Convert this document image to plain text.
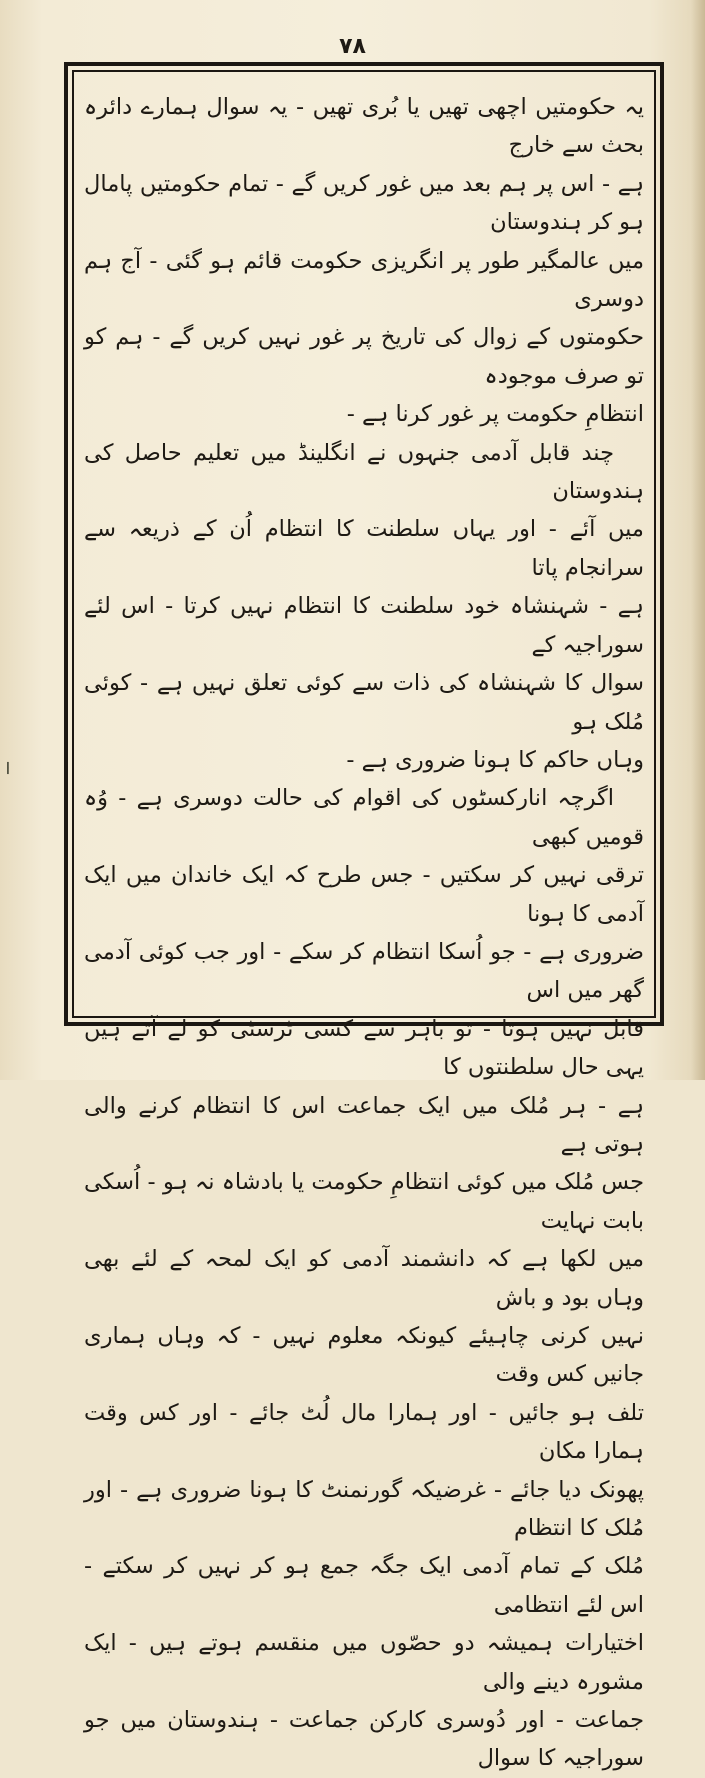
۷۸
ــ
یہ حکومتیں اچھی تھیں یا بُری تھیں - یہ سوال ہمارے دائرہ بحث سے خارج
ہے - اس پر ہم بعد میں غور کریں گے - تمام حکومتیں پامال ہو کر ہندوستان
میں عالمگیر طور پر انگریزی حکومت قائم ہو گئی - آج ہم دوسری
حکومتوں کے زوال کی تاریخ پر غور نہیں کریں گے - ہم کو تو صرف موجودہ
انتظامِ حکومت پر غور کرنا ہے -
چند قابل آدمی جنہوں نے انگلینڈ میں تعلیم حاصل کی ہندوستان
میں آئے - اور یہاں سلطنت کا انتظام اُن کے ذریعہ سے سرانجام پاتا
ہے - شہنشاہ خود سلطنت کا انتظام نہیں کرتا - اس لئے سوراجیہ کے
سوال کا شہنشاہ کی ذات سے کوئی تعلق نہیں ہے - کوئی مُلک ہو
وہاں حاکم کا ہونا ضروری ہے -
اگرچہ انارکسٹوں کی اقوام کی حالت دوسری ہے - وُہ قومیں کبھی
ترقی نہیں کر سکتیں - جس طرح کہ ایک خاندان میں ایک آدمی کا ہونا
ضروری ہے - جو اُسکا انتظام کر سکے - اور جب کوئی آدمی گھر میں اس
قابل نہیں ہوتا - تو باہر سے کسی ٹرسٹی کو لے آتے ہیں یہی حال سلطنتوں کا
ہے - ہر مُلک میں ایک جماعت اس کا انتظام کرنے والی ہوتی ہے
جس مُلک میں کوئی انتظامِ حکومت یا بادشاہ نہ ہو - اُسکی بابت نہایت
میں لکھا ہے کہ دانشمند آدمی کو ایک لمحہ کے لئے بھی وہاں بود و باش
نہیں کرنی چاہیئے کیونکہ معلوم نہیں - کہ وہاں ہماری جانیں کس وقت
تلف ہو جائیں - اور ہمارا مال لُٹ جائے - اور کس وقت ہمارا مکان
پھونک دیا جائے - غرضیکہ گورنمنٹ کا ہونا ضروری ہے - اور مُلک کا انتظام
مُلک کے تمام آدمی ایک جگہ جمع ہو کر نہیں کر سکتے - اس لئے انتظامی
اختیارات ہمیشہ دو حصّوں میں منقسم ہوتے ہیں - ایک مشورہ دینے والی
جماعت - اور دُوسری کارکن جماعت - ہندوستان میں جو سوراجیہ کا سوال
